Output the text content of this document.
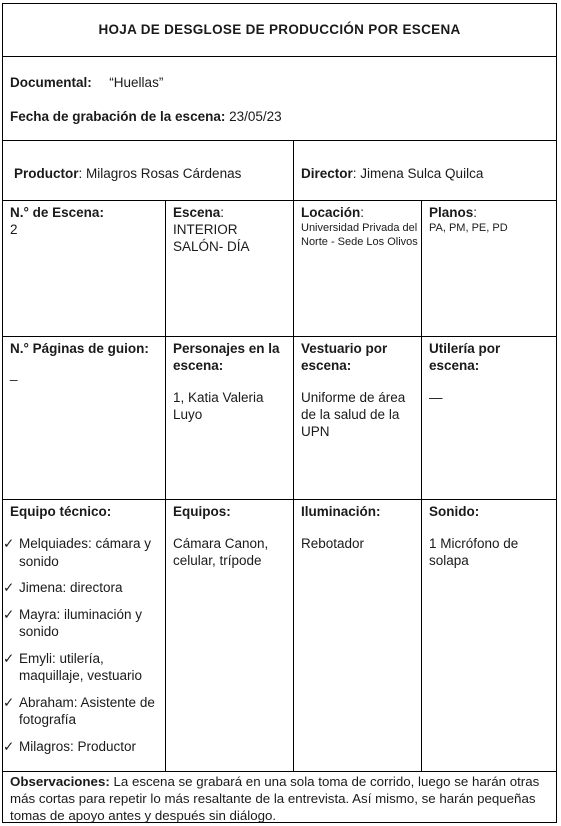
HOJA DE DESGLOSE DE PRODUCCIÓN POR ESCENA
Documental: “Huellas”
Fecha de grabación de la escena: 23/05/23
Productor: Milagros Rosas Cárdenas	Director: Jimena Sulca Quilca
N.° de Escena:
2
Escena:
INTERIOR
SALÓN- DÍA
Locación:
Universidad Privada del Norte - Sede Los Olivos
Planos:
PA, PM, PE, PD
N.° Páginas de guion:
_
Personajes en la escena:
1, Katia Valeria Luyo
Vestuario por escena:
Uniforme de área de la salud de la UPN
Utilería por escena:
—
Equipo técnico:
✓ Melquiades: cámara y sonido
✓ Jimena: directora
✓ Mayra: iluminación y sonido
✓ Emyli: utilería, maquillaje, vestuario
✓ Abraham: Asistente de fotografía
✓ Milagros: Productor
Equipos:
Cámara Canon, celular, trípode
Iluminación:
Rebotador
Sonido:
1 Micrófono de solapa
Observaciones: La escena se grabará en una sola toma de corrido, luego se harán otras más cortas para repetir lo más resaltante de la entrevista. Así mismo, se harán pequeñas tomas de apoyo antes y después sin diálogo.
